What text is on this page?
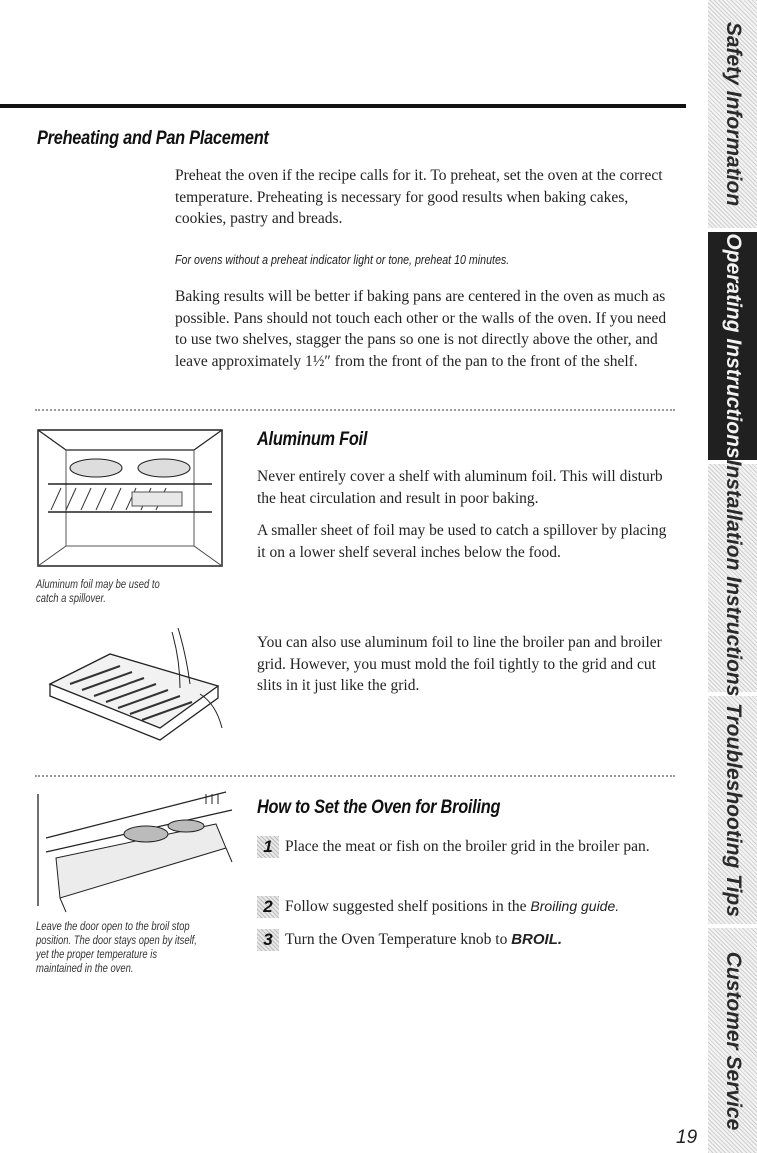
Preheating and Pan Placement

Preheat the oven if the recipe calls for it. To preheat, set the oven at the correct temperature. Preheating is necessary for good results when baking cakes, cookies, pastry and breads.

For ovens without a preheat indicator light or tone, preheat 10 minutes.

Baking results will be better if baking pans are centered in the oven as much as possible. Pans should not touch each other or the walls of the oven. If you need to use two shelves, stagger the pans so one is not directly above the other, and leave approximately 1½″ from the front of the pan to the front of the shelf.

Aluminum foil may be used to
catch a spillover.
Aluminum Foil

Never entirely cover a shelf with aluminum foil. This will disturb the heat circulation and result in poor baking.

A smaller sheet of foil may be used to catch a spillover by placing it on a lower shelf several inches below the food.

You can also use aluminum foil to line the broiler pan and broiler grid. However, you must mold the foil tightly to the grid and cut slits in it just like the grid.

Leave the door open to the broil stop
position. The door stays open by itself,
yet the proper temperature is
maintained in the oven.
How to Set the Oven for Broiling
1 Place the meat or fish on the broiler grid in the broiler pan.

2 Follow suggested shelf positions in the Broiling guide.

3 Turn the Oven Temperature knob to BROIL.

Safety Information
Operating Instructions
Installation Instructions
Troubleshooting Tips
Customer Service
19
